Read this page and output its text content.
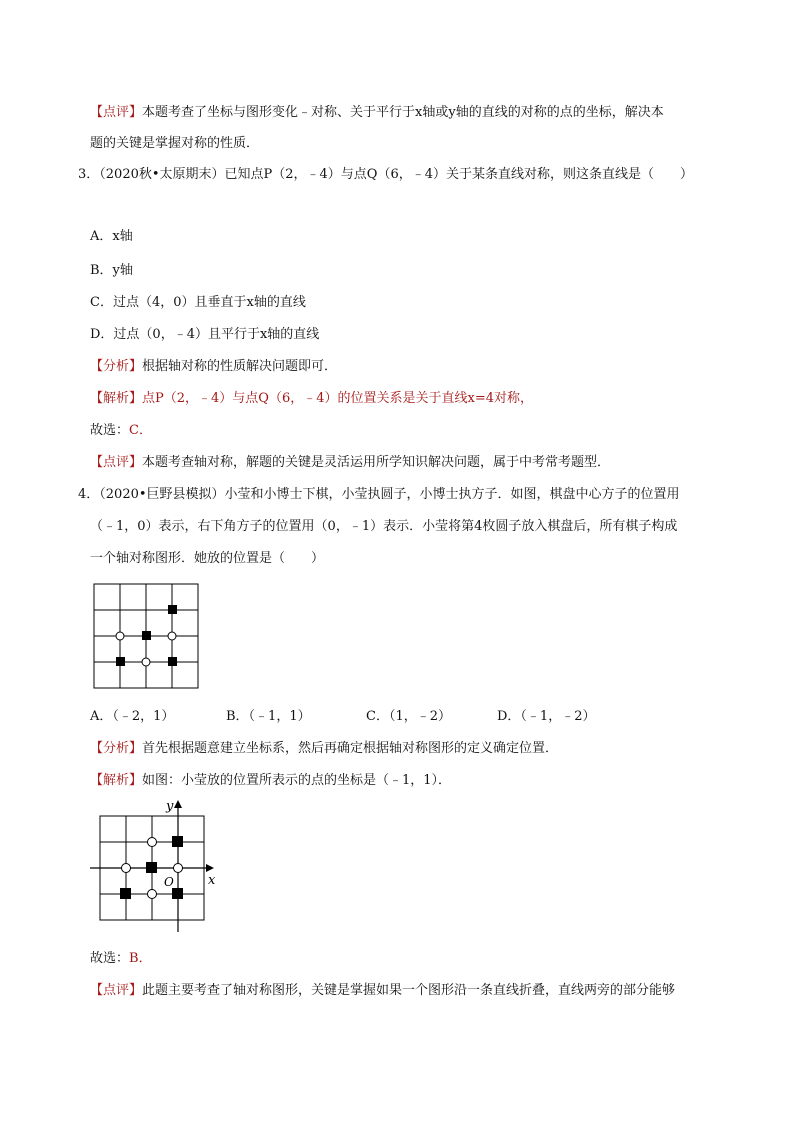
【点评】本题考查了坐标与图形变化﹣对称、关于平行于x轴或y轴的直线的对称的点的坐标，解决本
题的关键是掌握对称的性质．
3．（2020秋•太原期末）已知点P（2，﹣4）与点Q（6，﹣4）关于某条直线对称，则这条直线是（　　）
A．x轴
B．y轴
C．过点（4，0）且垂直于x轴的直线
D．过点（0，﹣4）且平行于x轴的直线
【分析】根据轴对称的性质解决问题即可．
【解析】点P（2，﹣4）与点Q（6，﹣4）的位置关系是关于直线x=4对称，
故选：C．
【点评】本题考查轴对称，解题的关键是灵活运用所学知识解决问题，属于中考常考题型．
4．（2020•巨野县模拟）小莹和小博士下棋，小莹执圆子，小博士执方子．如图，棋盘中心方子的位置用
（﹣1，0）表示，右下角方子的位置用（0，﹣1）表示．小莹将第4枚圆子放入棋盘后，所有棋子构成
一个轴对称图形．她放的位置是（　　）
A．（﹣2，1）	B．（﹣1，1）	C．（1，﹣2）	D．（﹣1，﹣2）
【分析】首先根据题意建立坐标系，然后再确定根据轴对称图形的定义确定位置．
【解析】如图：小莹放的位置所表示的点的坐标是（﹣1，1）．
x
y
O
故选：B．
【点评】此题主要考查了轴对称图形，关键是掌握如果一个图形沿一条直线折叠，直线两旁的部分能够
